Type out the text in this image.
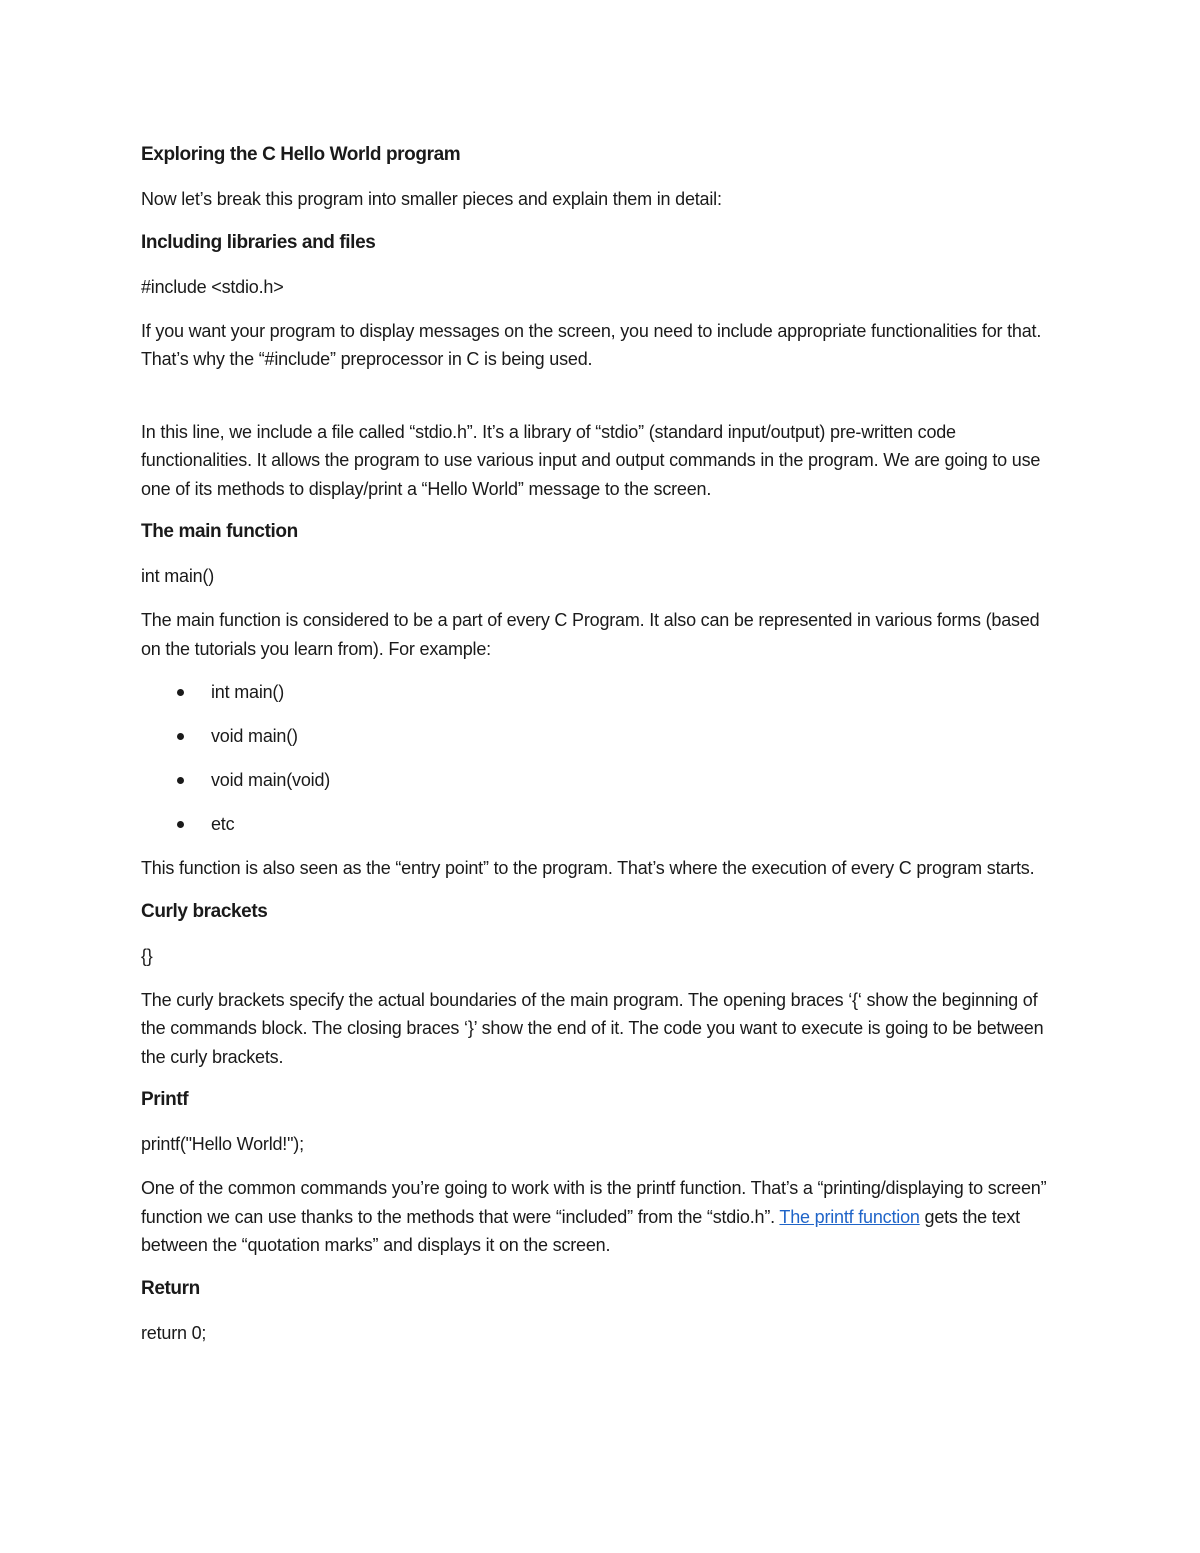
Exploring the C Hello World program
Now let’s break this program into smaller pieces and explain them in detail:
Including libraries and files
#include <stdio.h>
If you want your program to display messages on the screen, you need to include appropriate functionalities for that. That’s why the “#include” preprocessor in C is being used.
In this line, we include a file called “stdio.h”. It’s a library of “stdio” (standard input/output) pre-written code functionalities. It allows the program to use various input and output commands in the program. We are going to use one of its methods to display/print a “Hello World” message to the screen.
The main function
int main()
The main function is considered to be a part of every C Program. It also can be represented in various forms (based on the tutorials you learn from). For example:
int main()
void main()
void main(void)
etc
This function is also seen as the “entry point” to the program. That’s where the execution of every C program starts.
Curly brackets
{}
The curly brackets specify the actual boundaries of the main program. The opening braces ‘{‘ show the beginning of the commands block. The closing braces ‘}’ show the end of it. The code you want to execute is going to be between the curly brackets.
Printf
printf("Hello World!");
One of the common commands you’re going to work with is the printf function. That’s a “printing/displaying to screen” function we can use thanks to the methods that were “included” from the “stdio.h”. The printf function gets the text between the “quotation marks” and displays it on the screen.
Return
return 0;
